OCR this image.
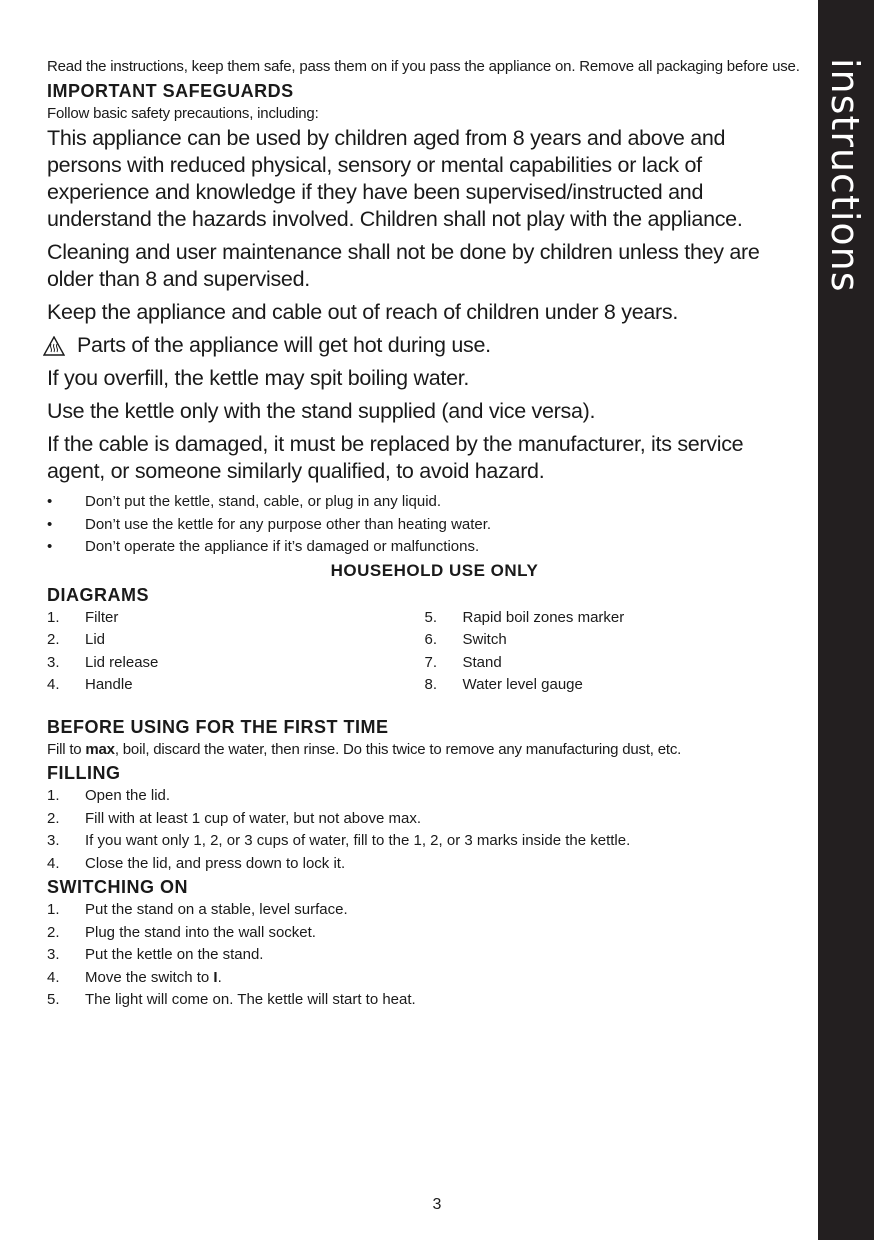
instructions

Read the instructions, keep them safe, pass them on if you pass the appliance on. Remove all packaging before use.

IMPORTANT SAFEGUARDS

Follow basic safety precautions, including:

This appliance can be used by children aged from 8 years and above and persons with reduced physical, sensory or mental capabilities or lack of experience and knowledge if they have been supervised/instructed and understand the hazards involved. Children shall not play with the appliance.

Cleaning and user maintenance shall not be done by children unless they are older than 8 and supervised.

Keep the appliance and cable out of reach of children under 8 years.

Parts of the appliance will get hot during use.

If you overfill, the kettle may spit boiling water.

Use the kettle only with the stand supplied (and vice versa).

If the cable is damaged, it must be replaced by the manufacturer, its service agent, or someone similarly qualified, to avoid hazard.

• Don’t put the kettle, stand, cable, or plug in any liquid.
• Don’t use the kettle for any purpose other than heating water.
• Don’t operate the appliance if it’s damaged or malfunctions.
HOUSEHOLD USE ONLY
DIAGRAMS
1. Filter
2. Lid
3. Lid release
4. Handle
5. Rapid boil zones marker
6. Switch
7. Stand
8. Water level gauge
BEFORE USING FOR THE FIRST TIME

Fill to max, boil, discard the water, then rinse. Do this twice to remove any manufacturing dust, etc.

FILLING
1. Open the lid.
2. Fill with at least 1 cup of water, but not above max.
3. If you want only 1, 2, or 3 cups of water, fill to the 1, 2, or 3 marks inside the kettle.
4. Close the lid, and press down to lock it.
SWITCHING ON
1. Put the stand on a stable, level surface.
2. Plug the stand into the wall socket.
3. Put the kettle on the stand.
4. Move the switch to I.
5. The light will come on. The kettle will start to heat.
3
